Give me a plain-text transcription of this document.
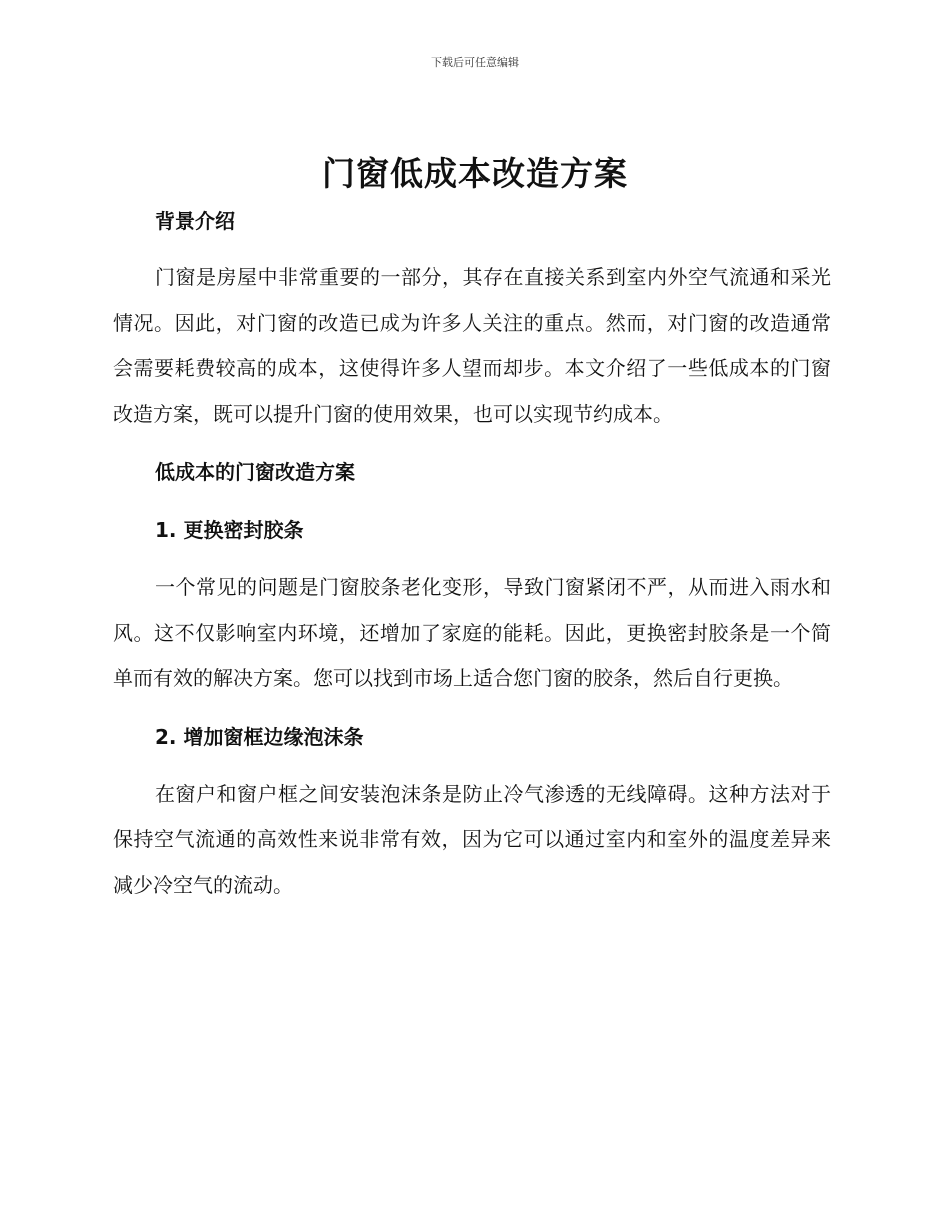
下载后可任意编辑
门窗低成本改造方案
背景介绍

门窗是房屋中非常重要的一部分，其存在直接关系到室内外空气流通和采光情况。因此，对门窗的改造已成为许多人关注的重点。然而，对门窗的改造通常会需要耗费较高的成本，这使得许多人望而却步。本文介绍了一些低成本的门窗改造方案，既可以提升门窗的使用效果，也可以实现节约成本。

低成本的门窗改造方案
1. 更换密封胶条

一个常见的问题是门窗胶条老化变形，导致门窗紧闭不严，从而进入雨水和风。这不仅影响室内环境，还增加了家庭的能耗。因此，更换密封胶条是一个简单而有效的解决方案。您可以找到市场上适合您门窗的胶条，然后自行更换。

2. 增加窗框边缘泡沫条

在窗户和窗户框之间安装泡沫条是防止冷气渗透的无线障碍。这种方法对于保持空气流通的高效性来说非常有效，因为它可以通过室内和室外的温度差异来减少冷空气的流动。
